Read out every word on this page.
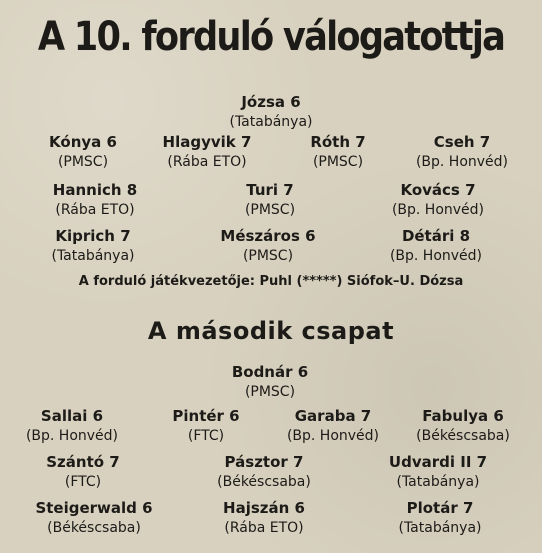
A 10. forduló válogatottja
Józsa 6
(Tatabánya)
Kónya 6
(PMSC)
Hlagyvik 7
(Rába ETO)
Róth 7
(PMSC)
Cseh 7
(Bp. Honvéd)
Hannich 8
(Rába ETO)
Turi 7
(PMSC)
Kovács 7
(Bp. Honvéd)
Kiprich 7
(Tatabánya)
Mészáros 6
(PMSC)
Détári 8
(Bp. Honvéd)
A forduló játékvezetője: Puhl (*****) Siófok–U. Dózsa
A második csapat
Bodnár 6
(PMSC)
Sallai 6
(Bp. Honvéd)
Pintér 6
(FTC)
Garaba 7
(Bp. Honvéd)
Fabulya 6
(Békéscsaba)
Szántó 7
(FTC)
Pásztor 7
(Békéscsaba)
Udvardi II 7
(Tatabánya)
Steigerwald 6
(Békéscsaba)
Hajszán 6
(Rába ETO)
Plotár 7
(Tatabánya)
